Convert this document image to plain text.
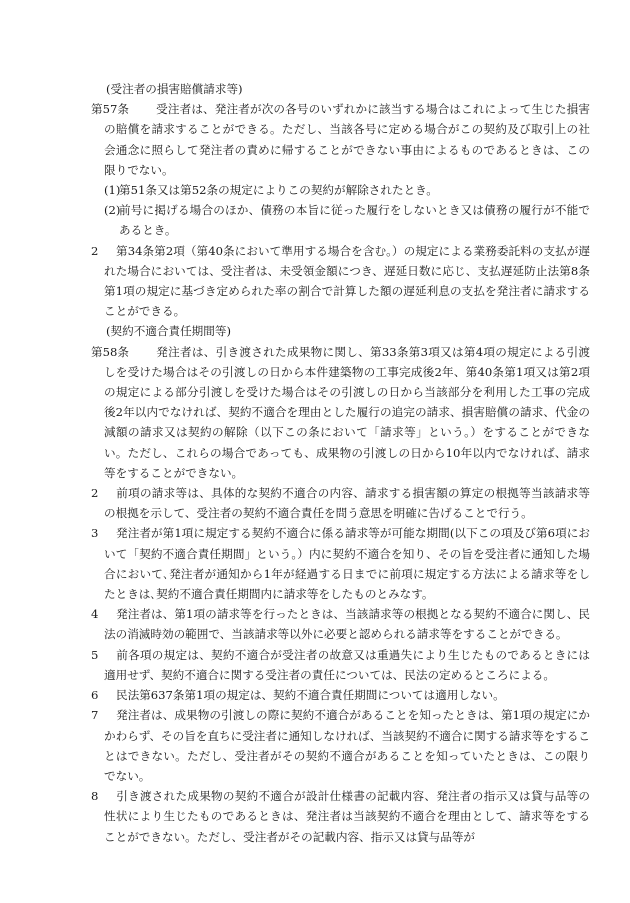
(受注者の損害賠償請求等)
第57条	受注者は、発注者が次の各号のいずれかに該当する場合はこれによって生じた損害の賠償を請求することができる。ただし、当該各号に定める場合がこの契約及び取引上の社会通念に照らして発注者の責めに帰することができない事由によるものであるときは、この限りでない。
(1)
第51条又は第52条の規定によりこの契約が解除されたとき。
(2)
前号に掲げる場合のほか、債務の本旨に従った履行をしないとき又は債務の履行が不能であるとき。
2	第34条第2項（第40条において準用する場合を含む。）の規定による業務委託料の支払が遅れた場合においては、受注者は、未受領金額につき、遅延日数に応じ、支払遅延防止法第8条第1項の規定に基づき定められた率の割合で計算した額の遅延利息の支払を発注者に請求することができる。
(契約不適合責任期間等)
第58条	発注者は、引き渡された成果物に関し、第33条第3項又は第4項の規定による引渡しを受けた場合はその引渡しの日から本件建築物の工事完成後2年、第40条第1項又は第2項の規定による部分引渡しを受けた場合はその引渡しの日から当該部分を利用した工事の完成後2年以内でなければ、契約不適合を理由とした履行の追完の請求、損害賠償の請求、代金の減額の請求又は契約の解除（以下この条において「請求等」という。）をすることができない。ただし、これらの場合であっても、成果物の引渡しの日から10年以内でなければ、請求等をすることができない。
2	前項の請求等は、具体的な契約不適合の内容、請求する損害額の算定の根拠等当該請求等の根拠を示して、受注者の契約不適合責任を問う意思を明確に告げることで行う。
3	発注者が第1項に規定する契約不適合に係る請求等が可能な期間(以下この項及び第6項において「契約不適合責任期間」という。）内に契約不適合を知り、その旨を受注者に通知した場合において､発注者が通知から1年が経過する日までに前項に規定する方法による請求等をしたときは､契約不適合責任期間内に請求等をしたものとみなす。
4	発注者は、第1項の請求等を行ったときは、当該請求等の根拠となる契約不適合に関し、民法の消滅時効の範囲で、当該請求等以外に必要と認められる請求等をすることができる。
5	前各項の規定は、契約不適合が受注者の故意又は重過失により生じたものであるときには適用せず、契約不適合に関する受注者の責任については、民法の定めるところによる。
6	民法第637条第1項の規定は、契約不適合責任期間については適用しない。
7	発注者は、成果物の引渡しの際に契約不適合があることを知ったときは、第1項の規定にかかわらず、その旨を直ちに受注者に通知しなければ、当該契約不適合に関する請求等をすることはできない。ただし、受注者がその契約不適合があることを知っていたときは、この限りでない。
8	引き渡された成果物の契約不適合が設計仕様書の記載内容、発注者の指示又は貸与品等の性状により生じたものであるときは、発注者は当該契約不適合を理由として、請求等をすることができない。ただし、受注者がその記載内容、指示又は貸与品等が
